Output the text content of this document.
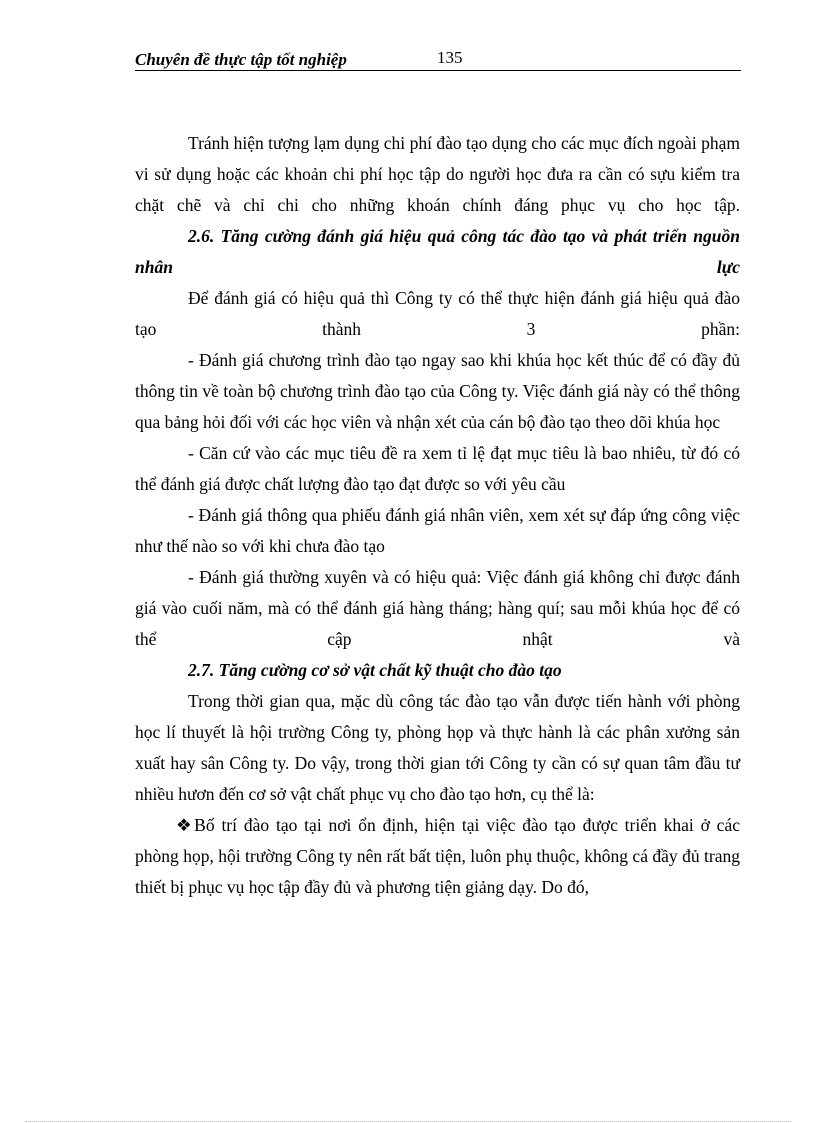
Chuyên đề thực tập tốt nghiệp	135

Tránh hiện tượng lạm dụng chi phí đào tạo dụng cho các mục đích ngoài phạm vi sử dụng hoặc các khoản chi phí học tập do người học đưa ra cần có sựu kiểm tra chặt chẽ và chỉ chi cho những khoán chính đáng phục vụ cho học tập.

2.6. Tăng cường đánh giá hiệu quả công tác đào tạo và phát triển nguồn nhân lực

Để đánh giá có hiệu quả thì Công ty có thể thực hiện đánh giá hiệu quả đào tạo thành 3 phần:

- Đánh giá chương trình đào tạo ngay sao khi khúa học kết thúc để có đầy đủ thông tin về toàn bộ chương trình đào tạo của Công ty. Việc đánh giá này có thể thông qua bảng hỏi đối với các học viên và nhận xét của cán bộ đào tạo theo dõi khúa học

- Căn cứ vào các mục tiêu đề ra xem tỉ lệ đạt mục tiêu là bao nhiêu, từ đó có thể đánh giá được chất lượng đào tạo đạt được so với yêu cầu

- Đánh giá thông qua phiếu đánh giá nhân viên, xem xét sự đáp ứng công việc như thế nào so với khi chưa đào tạo

- Đánh giá thường xuyên và có hiệu quả: Việc đánh giá không chỉ được đánh giá vào cuối năm, mà có thể đánh giá hàng tháng; hàng quí; sau mỗi khúa học để có thể cập nhật và

2.7. Tăng cường cơ sở vật chất kỹ thuật cho đào tạo

Trong thời gian qua, mặc dù công tác đào tạo vẫn được tiến hành với phòng học lí thuyết là hội trường Công ty, phòng họp và thực hành là các phân xưởng sản xuất hay sân Công ty. Do vậy, trong thời gian tới Công ty cần có sự quan tâm đầu tư nhiều hươn đến cơ sở vật chất phục vụ cho đào tạo hơn, cụ thể là:

❖Bố trí đào tạo tại nơi ổn định, hiện tại việc đào tạo được triển khai ở các phòng họp, hội trường Công ty nên rất bất tiện, luôn phụ thuộc, không cá đầy đủ trang thiết bị phục vụ học tập đầy đủ và phương tiện giảng dạy. Do đó,
